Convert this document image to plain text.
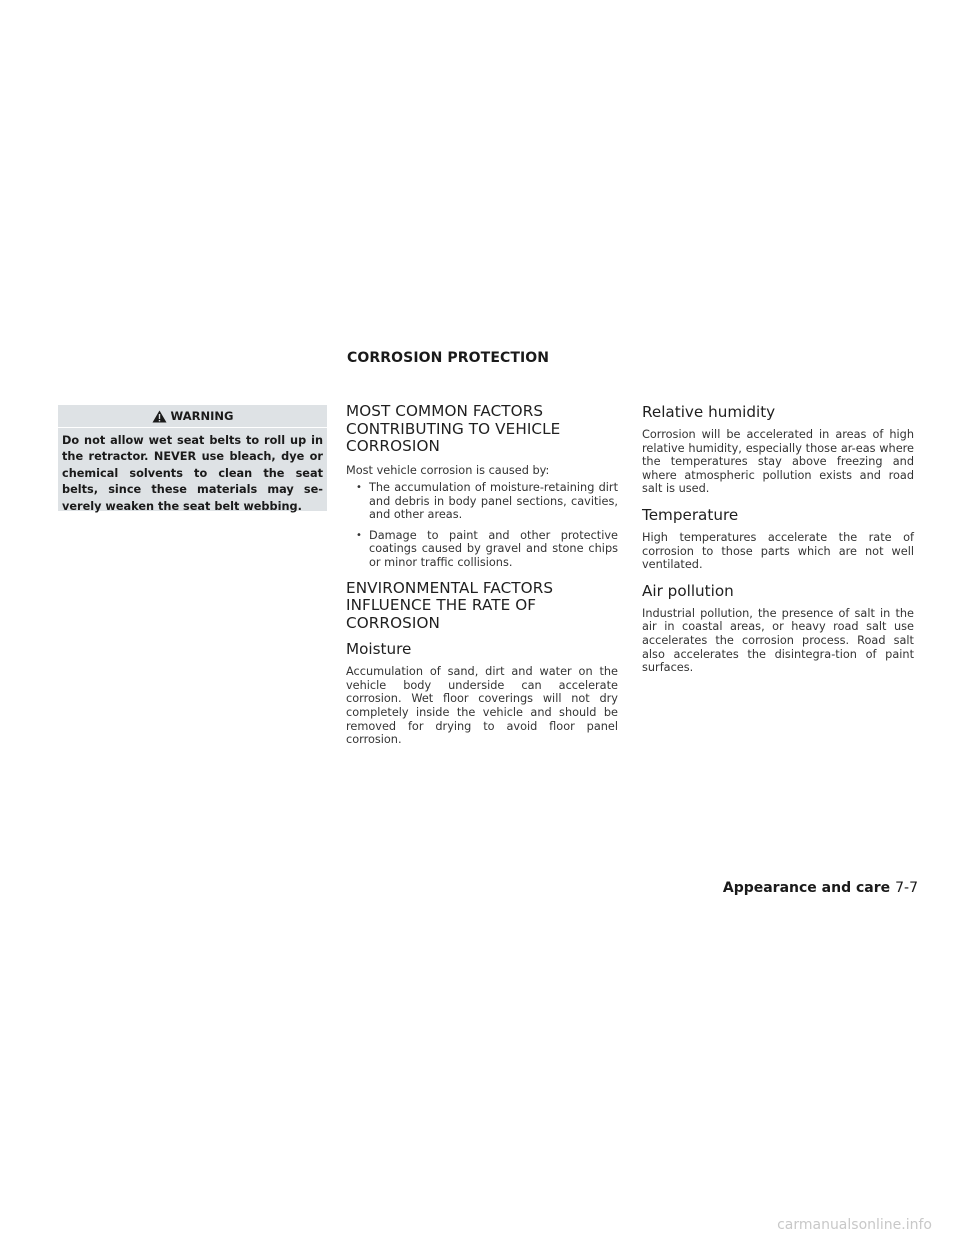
CORROSION PROTECTION
WARNING

Do not allow wet seat belts to roll up in the retractor. NEVER use bleach, dye or chemical solvents to clean the seat belts, since these materials may se-verely weaken the seat belt webbing.

MOST COMMON FACTORS CONTRIBUTING TO VEHICLE CORROSION

Most vehicle corrosion is caused by:

• The accumulation of moisture-retaining dirt and debris in body panel sections, cavities, and other areas.
• Damage to paint and other protective coatings caused by gravel and stone chips or minor traffic collisions.
ENVIRONMENTAL FACTORS INFLUENCE THE RATE OF CORROSION
Moisture

Accumulation of sand, dirt and water on the vehicle body underside can accelerate corrosion. Wet floor coverings will not dry completely inside the vehicle and should be removed for drying to avoid floor panel corrosion.

Relative humidity

Corrosion will be accelerated in areas of high relative humidity, especially those ar-eas where the temperatures stay above freezing and where atmospheric pollution exists and road salt is used.

Temperature

High temperatures accelerate the rate of corrosion to those parts which are not well ventilated.

Air pollution

Industrial pollution, the presence of salt in the air in coastal areas, or heavy road salt use accelerates the corrosion process. Road salt also accelerates the disintegra-tion of paint surfaces.

Appearance and care 7-7
carmanualsonline.info
